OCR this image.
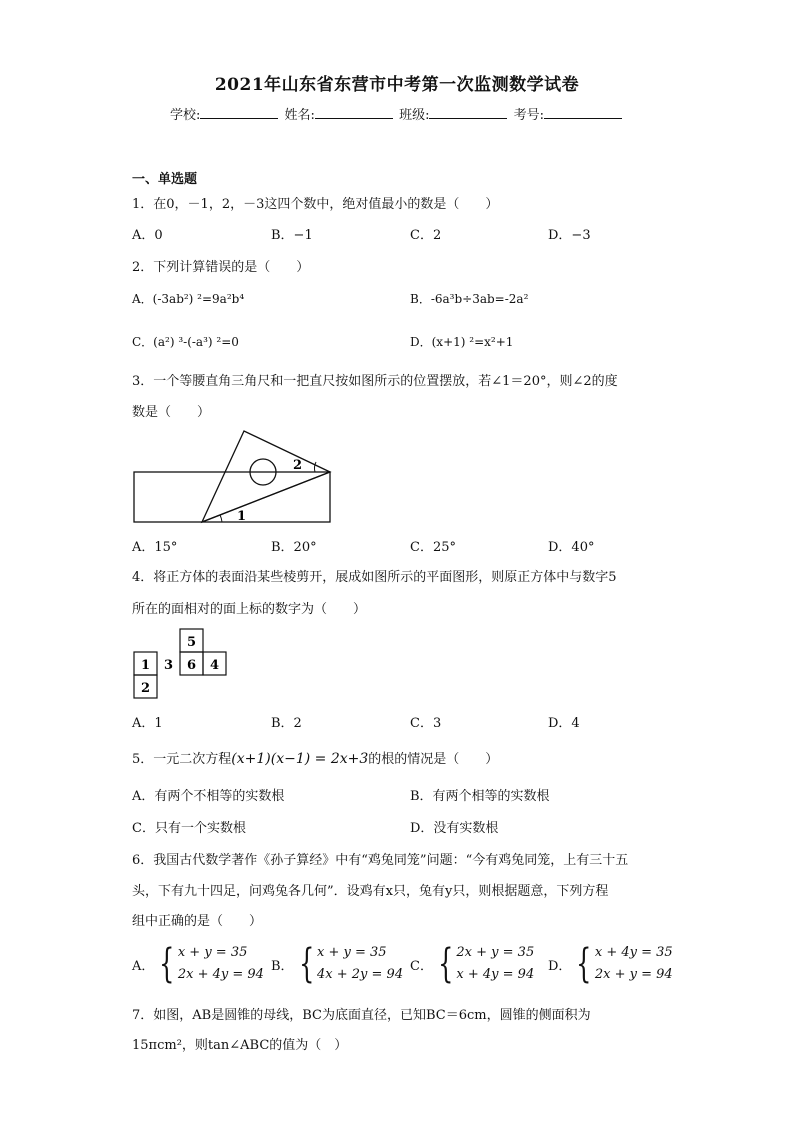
2021年山东省东营市中考第一次监测数学试卷
学校:	姓名:	班级:	考号:
一、单选题
1．在0，－1，2，－3这四个数中，绝对值最小的数是（　　）
A．0	B．−1	C．2	D．−3
2．下列计算错误的是（　　）
A．(-3ab²) ²=9a²b⁴	B．-6a³b÷3ab=-2a²
C．(a²) ³-(-a³) ²=0	D．(x+1) ²=x²+1
3．一个等腰直角三角尺和一把直尺按如图所示的位置摆放，若∠1＝20°，则∠2的度
数是（　　）
1
2
A．15°	B．20°	C．25°	D．40°
4．将正方体的表面沿某些棱剪开，展成如图所示的平面图形，则原正方体中与数字5
所在的面相对的面上标的数字为（　　）
5
1 3 6 4
2
A．1	B．2	C．3	D．4
5．一元二次方程(x+1)(x−1) = 2x+3的根的情况是（　　）
A．有两个不相等的实数根	B．有两个相等的实数根
C．只有一个实数根	D．没有实数根
6．我国古代数学著作《孙子算经》中有“鸡兔同笼”问题：“今有鸡兔同笼，上有三十五
头，下有九十四足，问鸡兔各几何”．设鸡有x只，兔有y只，则根据题意，下列方程
组中正确的是（　　）
A． { x + y = 35
2x + 4y = 94
B． { x + y = 35
4x + 2y = 94
C． { 2x + y = 35
x + 4y = 94
D． { x + 4y = 35
2x + y = 94
7．如图，AB是圆锥的母线，BC为底面直径，已知BC＝6cm，圆锥的侧面积为
15πcm²，则tan∠ABC的值为（　）
